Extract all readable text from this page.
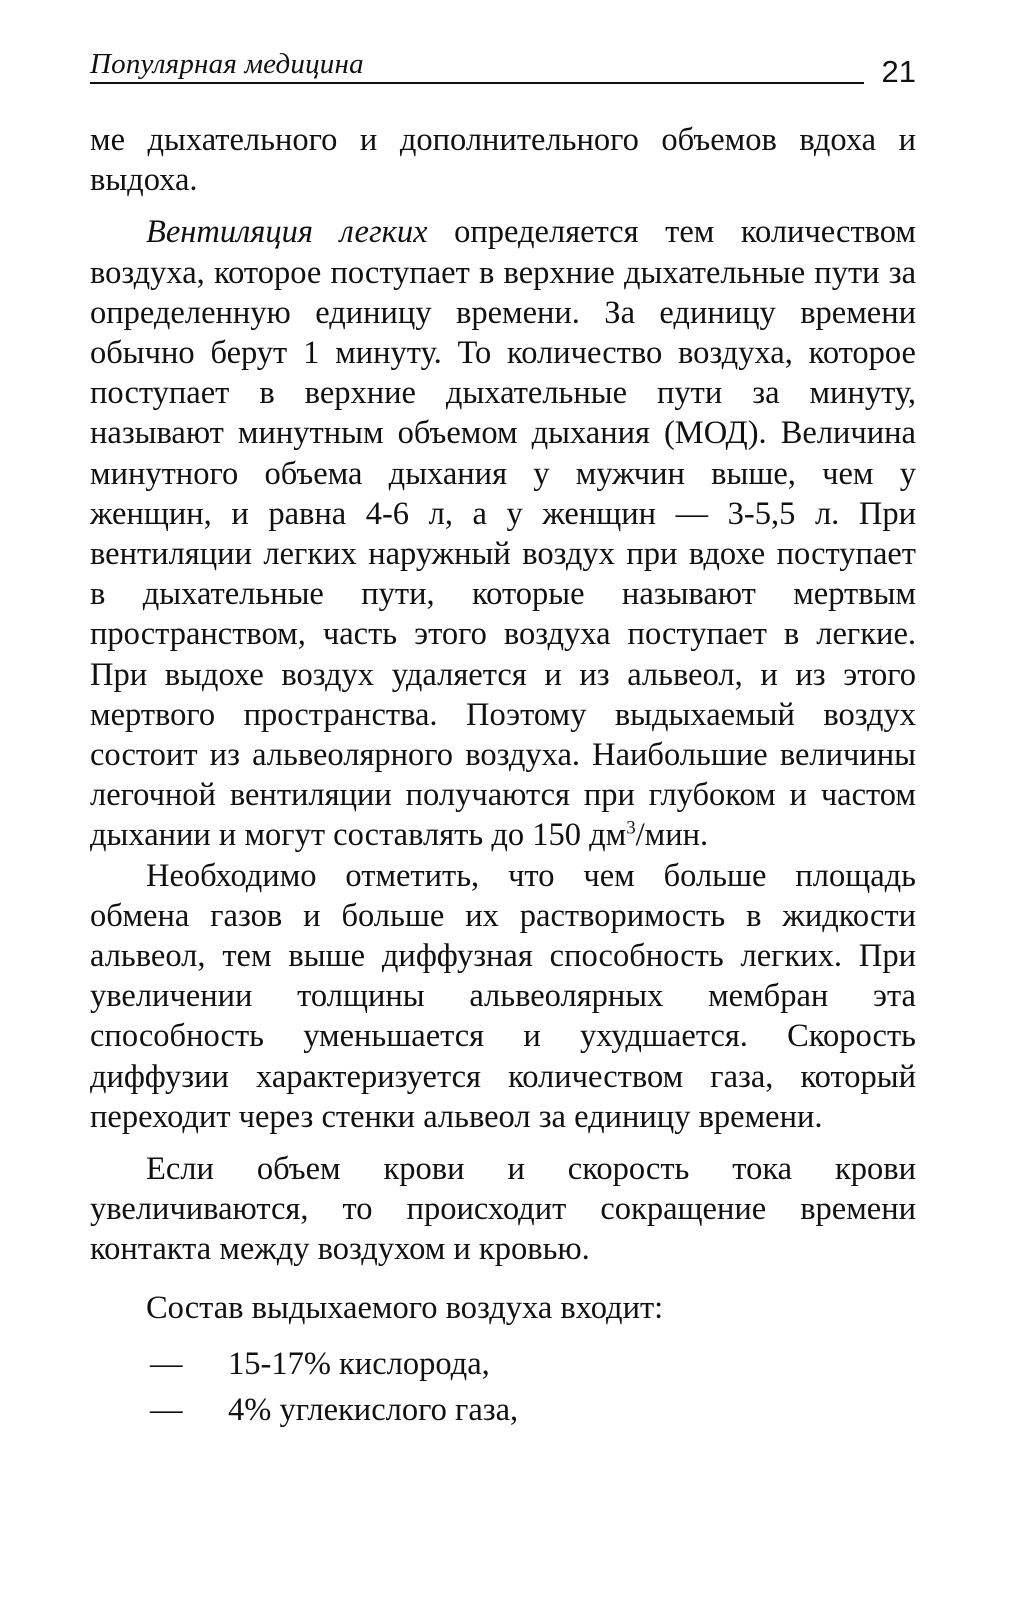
Популярная медицина	21

ме дыхательного и дополнительного объемов вдоха и выдоха.

Вентиляция легких определяется тем количеством воздуха, которое поступает в верхние дыхательные пути за определенную единицу времени. За единицу времени обычно берут 1 минуту. То количество воздуха, которое поступает в верхние дыхательные пути за минуту, называют минутным объемом дыхания (МОД). Величина минутного объема дыхания у мужчин выше, чем у женщин, и равна 4-6 л, а у женщин — 3-5,5 л. При вентиляции легких наружный воздух при вдохе поступает в дыхательные пути, которые называют мертвым пространством, часть этого воздуха поступает в легкие. При выдохе воздух удаляется и из альвеол, и из этого мертвого пространства. Поэтому выдыхаемый воздух состоит из альвеолярного воздуха. Наибольшие величины легочной вентиляции получаются при глубоком и частом дыхании и могут составлять до 150 $дм^3$/мин.

Необходимо отметить, что чем больше площадь обмена газов и больше их растворимость в жидкости альвеол, тем выше диффузная способность легких. При увеличении толщины альвеолярных мембран эта способность уменьшается и ухудшается. Скорость диффузии характеризуется количеством газа, который переходит через стенки альвеол за единицу времени.

Если объем крови и скорость тока крови увеличиваются, то происходит сокращение времени контакта между воздухом и кровью.

Состав выдыхаемого воздуха входит:

— 15-17% кислорода,
— 4% углекислого газа,
